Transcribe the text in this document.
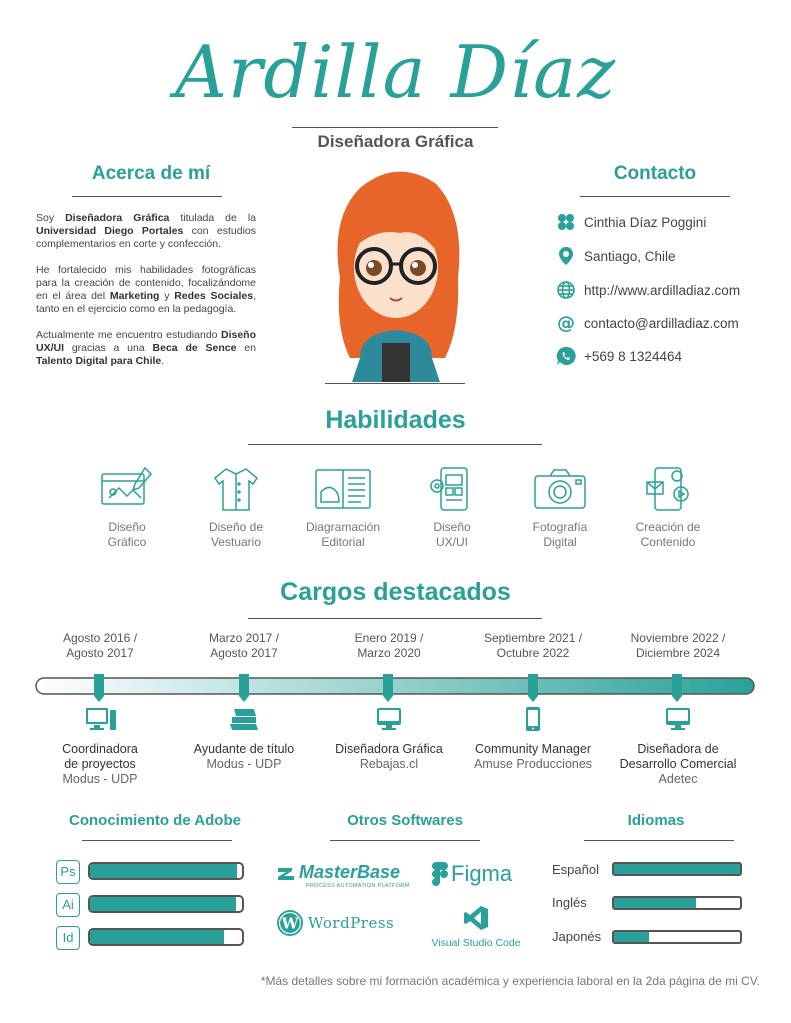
Ardilla Díaz
Diseñadora Gráfica
Acerca de mí

Soy Diseñadora Gráfica titulada de la Universidad Diego Portales con estudios complementarios en corte y confección.

He fortalecido mis habilidades fotográficas para la creación de contenido, focalizándome en el área del Marketing y Redes Sociales, tanto en el ejercicio como en la pedagogía.

Actualmente me encuentro estudiando Diseño UX/UI gracias a una Beca de Sence en Talento Digital para Chile.

Contacto
Cinthia Díaz Poggini
Santiago, Chile
http://www.ardilladiaz.com
@ contacto@ardilladiaz.com
+569 8 1324464
Habilidades
Diseño
Gráfico
Diseño de
Vestuario
Diagramación
Editorial
Diseño
UX/UI
Fotografía
Digital
Creación de
Contenido
Cargos destacados
Agosto 2016 /
Agosto 2017
Marzo 2017 /
Agosto 2017
Enero 2019 /
Marzo 2020
Septiembre 2021 /
Octubre 2022
Noviembre 2022 /
Diciembre 2024
Coordinadora
de proyectos
Modus - UDP
Ayudante de título
Modus - UDP
Diseñadora Gráfica
Rebajas.cl
Community Manager
Amuse Producciones
Diseñadora de
Desarrollo Comercial
Adetec
Conocimiento de Adobe
Ps
Ai
Id
Otros Softwares
MasterBase
PROCESS AUTOMATION PLATFORM Figma
W WordPress
Visual Studio Code
Idiomas
Español
Inglés
Japonés
*Más detalles sobre mi formación académica y experiencia laboral en la 2da página de mi CV.
